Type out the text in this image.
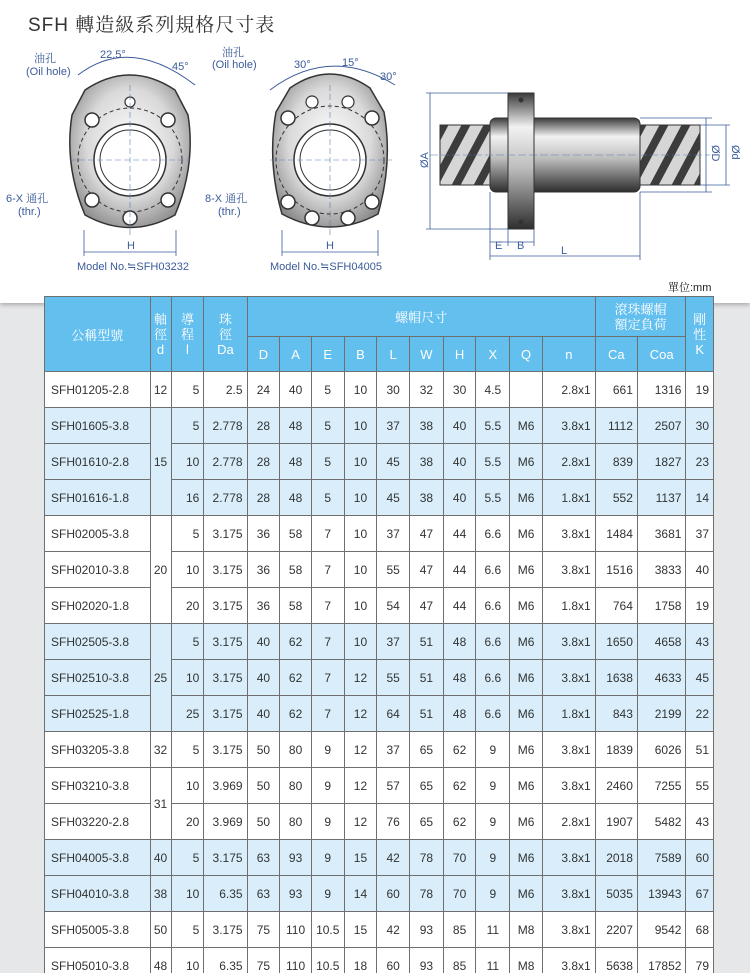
SFH 轉造級系列規格尺寸表
油孔
(Oil hole)
22.5°
45°
6-X 通孔
(thr.)
H
Model No.≒SFH03232
油孔
(Oil hole)	30°	15°
30°
8-X 通孔
(thr.)
H
Model No.≒SFH04005
ØA	ØD Ød
E B	L
單位:mm
公稱型號	軸
徑
d	導
程
l	珠
徑
Da	螺帽尺寸										滾珠螺帽
額定負荷		剛
性
K

				D	A	E	B	L	W	H	X	Q	n	Ca	Coa	
SFH01205-2.8	12	5	2.5	24	40	5	10	30	32	30	4.5		2.8x1	661	1316	19
SFH01605-3.8	15	5	2.778	28	48	5	10	37	38	40	5.5	M6	3.8x1	1112	2507	30
SFH01610-2.8		10	2.778	28	48	5	10	45	38	40	5.5	M6	2.8x1	839	1827	23
SFH01616-1.8		16	2.778	28	48	5	10	45	38	40	5.5	M6	1.8x1	552	1137	14
SFH02005-3.8	20	5	3.175	36	58	7	10	37	47	44	6.6	M6	3.8x1	1484	3681	37
SFH02010-3.8		10	3.175	36	58	7	10	55	47	44	6.6	M6	3.8x1	1516	3833	40
SFH02020-1.8		20	3.175	36	58	7	10	54	47	44	6.6	M6	1.8x1	764	1758	19
SFH02505-3.8	25	5	3.175	40	62	7	10	37	51	48	6.6	M6	3.8x1	1650	4658	43
SFH02510-3.8		10	3.175	40	62	7	12	55	51	48	6.6	M6	3.8x1	1638	4633	45
SFH02525-1.8		25	3.175	40	62	7	12	64	51	48	6.6	M6	1.8x1	843	2199	22
SFH03205-3.8	32	5	3.175	50	80	9	12	37	65	62	9	M6	3.8x1	1839	6026	51
SFH03210-3.8	31	10	3.969	50	80	9	12	57	65	62	9	M6	3.8x1	2460	7255	55
SFH03220-2.8		20	3.969	50	80	9	12	76	65	62	9	M6	2.8x1	1907	5482	43
SFH04005-3.8	40	5	3.175	63	93	9	15	42	78	70	9	M6	3.8x1	2018	7589	60
SFH04010-3.8	38	10	6.35	63	93	9	14	60	78	70	9	M6	3.8x1	5035	13943	67
SFH05005-3.8	50	5	3.175	75	110	10.5	15	42	93	85	11	M8	3.8x1	2207	9542	68
SFH05010-3.8	48	10	6.35	75	110	10.5	18	60	93	85	11	M8	3.8x1	5638	17852	79
